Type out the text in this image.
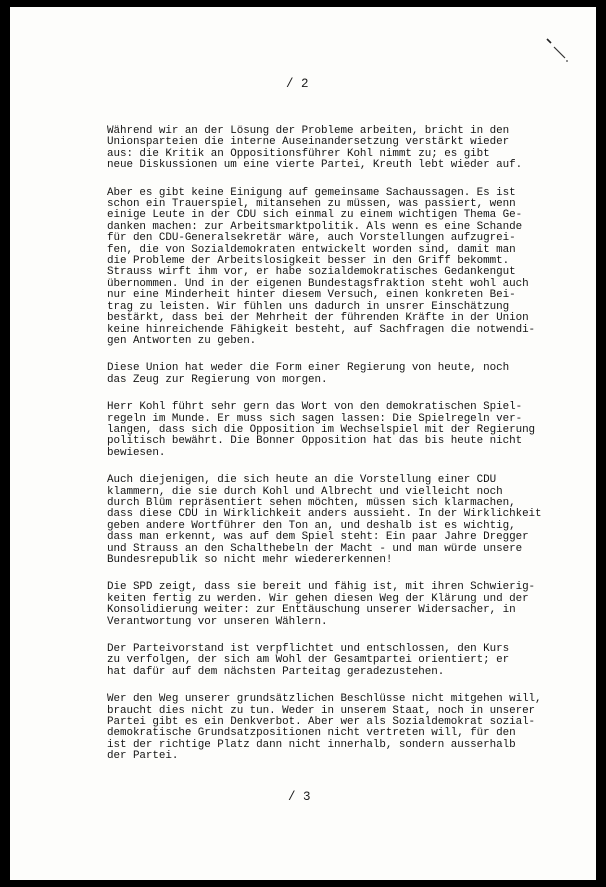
/ 2
Während wir an der Lösung der Probleme arbeiten, bricht in den
Unionsparteien die interne Auseinandersetzung verstärkt wieder
aus: die Kritik an Oppositionsführer Kohl nimmt zu; es gibt
neue Diskussionen um eine vierte Partei, Kreuth lebt wieder auf.
Aber es gibt keine Einigung auf gemeinsame Sachaussagen. Es ist
schon ein Trauerspiel, mitansehen zu müssen, was passiert, wenn
einige Leute in der CDU sich einmal zu einem wichtigen Thema Ge-
danken machen: zur Arbeitsmarktpolitik. Als wenn es eine Schande
für den CDU-Generalsekretär wäre, auch Vorstellungen aufzugrei-
fen, die von Sozialdemokraten entwickelt worden sind, damit man
die Probleme der Arbeitslosigkeit besser in den Griff bekommt.
Strauss wirft ihm vor, er habe sozialdemokratisches Gedankengut
übernommen. Und in der eigenen Bundestagsfraktion steht wohl auch
nur eine Minderheit hinter diesem Versuch, einen konkreten Bei-
trag zu leisten. Wir fühlen uns dadurch in unsrer Einschätzung
bestärkt, dass bei der Mehrheit der führenden Kräfte in der Union
keine hinreichende Fähigkeit besteht, auf Sachfragen die notwendi-
gen Antworten zu geben.
Diese Union hat weder die Form einer Regierung von heute, noch
das Zeug zur Regierung von morgen.
Herr Kohl führt sehr gern das Wort von den demokratischen Spiel-
regeln im Munde. Er muss sich sagen lassen: Die Spielregeln ver-
langen, dass sich die Opposition im Wechselspiel mit der Regierung
politisch bewährt. Die Bonner Opposition hat das bis heute nicht
bewiesen.
Auch diejenigen, die sich heute an die Vorstellung einer CDU
klammern, die sie durch Kohl und Albrecht und vielleicht noch
durch Blüm repräsentiert sehen möchten, müssen sich klarmachen,
dass diese CDU in Wirklichkeit anders aussieht. In der Wirklichkeit
geben andere Wortführer den Ton an, und deshalb ist es wichtig,
dass man erkennt, was auf dem Spiel steht: Ein paar Jahre Dregger
und Strauss an den Schalthebeln der Macht - und man würde unsere
Bundesrepublik so nicht mehr wiedererkennen!
Die SPD zeigt, dass sie bereit und fähig ist, mit ihren Schwierig-
keiten fertig zu werden. Wir gehen diesen Weg der Klärung und der
Konsolidierung weiter: zur Enttäuschung unserer Widersacher, in
Verantwortung vor unseren Wählern.
Der Parteivorstand ist verpflichtet und entschlossen, den Kurs
zu verfolgen, der sich am Wohl der Gesamtpartei orientiert; er
hat dafür auf dem nächsten Parteitag geradezustehen.
Wer den Weg unserer grundsätzlichen Beschlüsse nicht mitgehen will,
braucht dies nicht zu tun. Weder in unserem Staat, noch in unserer
Partei gibt es ein Denkverbot. Aber wer als Sozialdemokrat sozial-
demokratische Grundsatzpositionen nicht vertreten will, für den
ist der richtige Platz dann nicht innerhalb, sondern ausserhalb
der Partei.
/ 3
